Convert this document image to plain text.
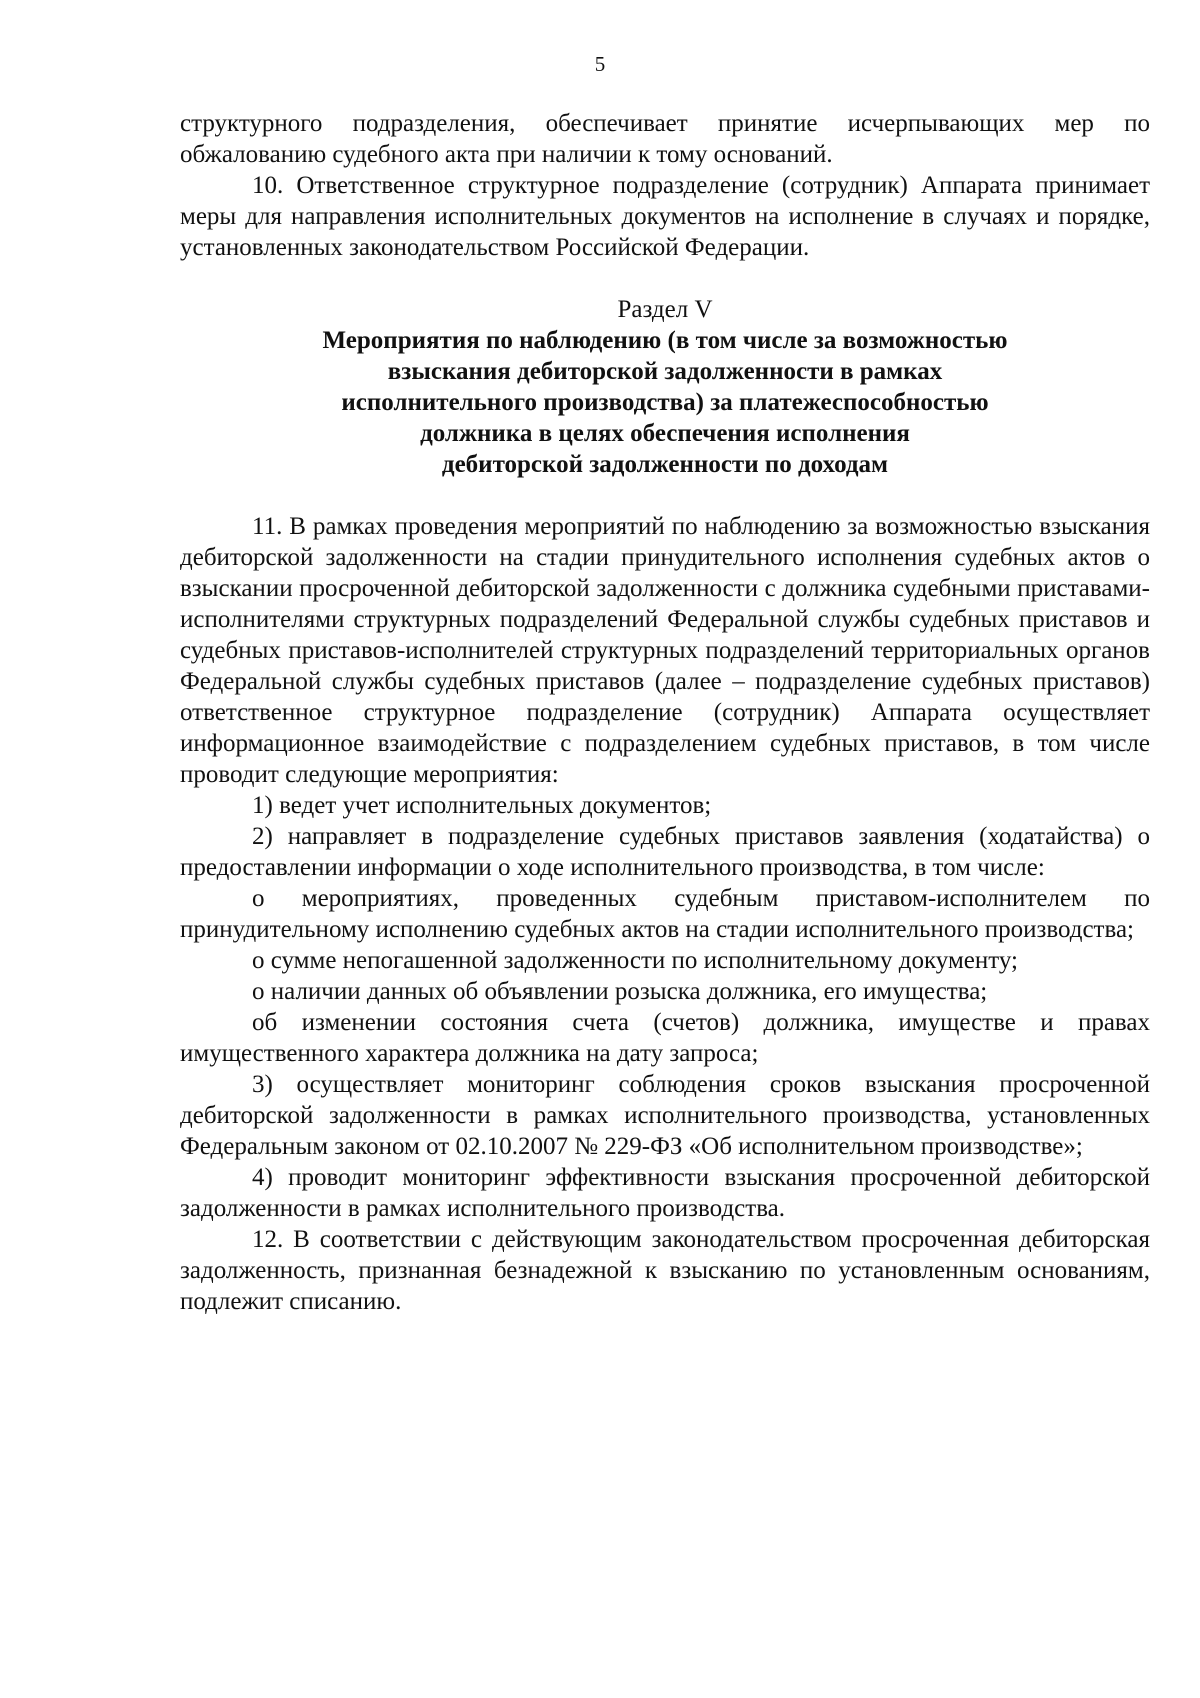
5

структурного подразделения, обеспечивает принятие исчерпывающих мер по обжалованию судебного акта при наличии к тому оснований.

10. Ответственное структурное подразделение (сотрудник) Аппарата принимает меры для направления исполнительных документов на исполнение в случаях и порядке, установленных законодательством Российской Федерации.

Раздел V

Мероприятия по наблюдению (в том числе за возможностью
взыскания дебиторской задолженности в рамках
исполнительного производства) за платежеспособностью
должника в целях обеспечения исполнения
дебиторской задолженности по доходам

11. В рамках проведения мероприятий по наблюдению за возможностью взыскания дебиторской задолженности на стадии принудительного исполнения судебных актов о взыскании просроченной дебиторской задолженности с должника судебными приставами-исполнителями структурных подразделений Федеральной службы судебных приставов и судебных приставов-исполнителей структурных подразделений территориальных органов Федеральной службы судебных приставов (далее – подразделение судебных приставов) ответственное структурное подразделение (сотрудник) Аппарата осуществляет информационное взаимодействие с подразделением судебных приставов, в том числе проводит следующие мероприятия:

1) ведет учет исполнительных документов;

2) направляет в подразделение судебных приставов заявления (ходатайства) о предоставлении информации о ходе исполнительного производства, в том числе:

о мероприятиях, проведенных судебным приставом-исполнителем по принудительному исполнению судебных актов на стадии исполнительного производства;

о сумме непогашенной задолженности по исполнительному документу;

о наличии данных об объявлении розыска должника, его имущества;

об изменении состояния счета (счетов) должника, имуществе и правах имущественного характера должника на дату запроса;

3) осуществляет мониторинг соблюдения сроков взыскания просроченной дебиторской задолженности в рамках исполнительного производства, установленных Федеральным законом от 02.10.2007 № 229-ФЗ «Об исполнительном производстве»;

4) проводит мониторинг эффективности взыскания просроченной дебиторской задолженности в рамках исполнительного производства.

12. В соответствии с действующим законодательством просроченная дебиторская задолженность, признанная безнадежной к взысканию по установленным основаниям, подлежит списанию.
